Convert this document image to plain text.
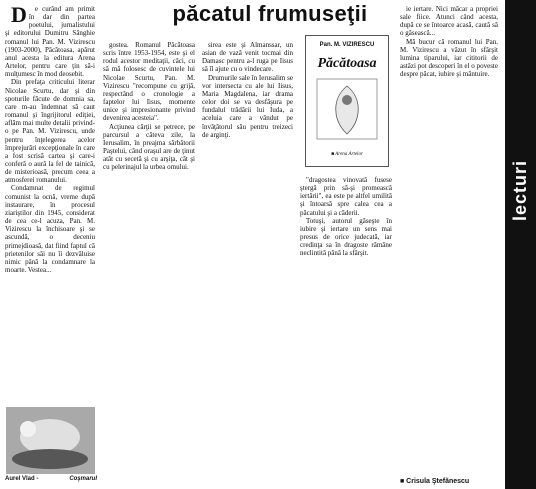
păcatul frumuseţii

D e curând am primit în dar din partea poetului, jurnalistului şi editorului Dumitru Sânghie romanul lui Pan. M. Vizirescu (1903-2000), Păcătoasa, apărut anul acesta la editura Arena Artelor, pentru care ţin să-i mulţumesc în mod deosebit.

Din prefaţa criticului literar Nicolae Scurtu, dar şi din spoturile făcute de domnia sa, care m-au îndemnat să caut romanul şi îngrijitorul ediţiei, aflăm mai multe detalii privind-o pe Pan. M. Vizirescu, unde pentru înţelegerea acelor împrejurări excepţionale în care a fost scrisă cartea şi care-i conferă o aură la fel de tainică, de misterioasă, precum ceea a atmosferei romanului.

Condamnat de regimul comunist la ocnă, vreme după instaurare, în procesul ziariştilor din 1945, considerat de cea ce-l acuza, Pan. M. Vizirescu la închisoare şi se ascundă, o deceniu primejdioasă, dat fiind faptul că prietenilor săi nu îi dezvăluise nimic până la condamnare la moarte. Vestea...

Aurel Vlad -	Coşmarul

gostea. Romanul Păcătoasa scris între 1953-1954, este şi el rodul acestor meditaţii, căci, cu să mă folosesc de cuvintele lui Nicolae Scurtu, Pan. M. Vizirescu "recompune cu grijă, respectând o cronologie a faptelor lui Iisus, momente unice şi impresionante privind devenirea acesteia".

Acţiunea cărţii se petrece, pe parcursul a câteva zile, la Ierusalim, în preajma sărbătorii Paştelui, când oraşul are de ţinut atât cu secetă şi cu arşiţa, cât şi cu pelerinajul la urbea omului.

sirea este şi Almanssar, un asian de vază venit tocmai din Damasc pentru a-l ruga pe Iisus să îl ajute cu o vindecare.

Drumurile sale în Ierusalim se vor intersecta cu ale lui Iisus, Maria Magdalena, iar drama celor doi se va desfăşura pe fundalul trădării lui Iuda, a aceluia care a vândut pe învăţătorul său pentru treizeci de arginţi.

Pan. M. VIZIRESCU
Păcătoasa
■ Arena Artelor

"dragostea vinovată fusese ştergă prin să-şi promească iertării", ea este pe altfel umilită şi întoarsă spre calea cea a păcatului şi a căderii.

Totuşi, autorul găseşte în iubire şi iertare un sens mai presus de orice judecată, iar credinţa sa în dragoste rămâne neclintită până la sfârşit.

ie iertare. Nici măcar a propriei sale fiice. Atunci când acesta, după ce se întoarce acasă, caută să o găsească...

Mă bucur că romanul lui Pan. M. Vizirescu a văzut în sfârşit lumina tiparului, iar cititorii de astăzi pot descoperi în el o poveste despre păcat, iubire şi mântuire.

■ Crisula Ştefănescu
lecturi
